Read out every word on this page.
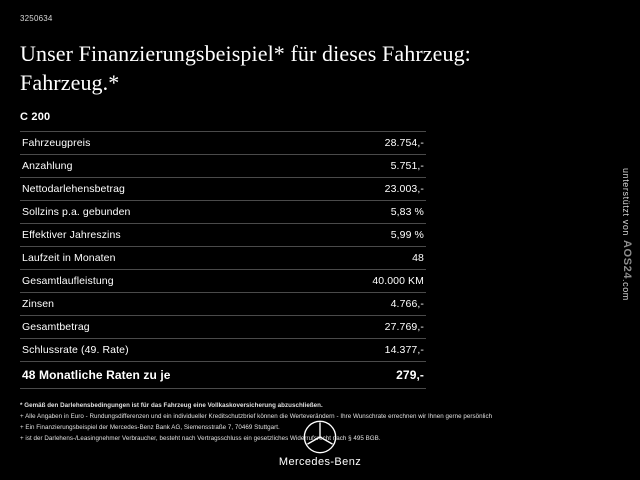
3250634
Unser Finanzierungsbeispiel* für dieses Fahrzeug: Fahrzeug.*
C 200
Fahrzeugpreis	28.754,-
Anzahlung	5.751,-
Nettodarlehensbetrag	23.003,-
Sollzins p.a. gebunden	5,83 %
Effektiver Jahreszins	5,99 %
Laufzeit in Monaten	48
Gesamtlaufleistung	40.000 KM
Zinsen	4.766,-
Gesamtbetrag	27.769,-
Schlussrate (49. Rate)	14.377,-
48 Monatliche Raten zu je	279,-
* Gemäß den Darlehensbedingungen ist für das Fahrzeug eine Vollkaskoversicherung abzuschließen.
+ Alle Angaben in Euro - Rundungsdifferenzen und ein individueller Kreditschutzbrief können die Werteverändern - Ihre Wunschrate errechnen wir Ihnen gerne persönlich
+ Ein Finanzierungsbeispiel der Mercedes-Benz Bank AG, Siemensstraße 7, 70469 Stuttgart.
+ ist der Darlehens-/Leasingnehmer Verbraucher, besteht nach Vertragsschluss ein gesetzliches Widerrufsrecht nach § 495 BGB.
unterstützt von
AOS24
.com
Mercedes-Benz
